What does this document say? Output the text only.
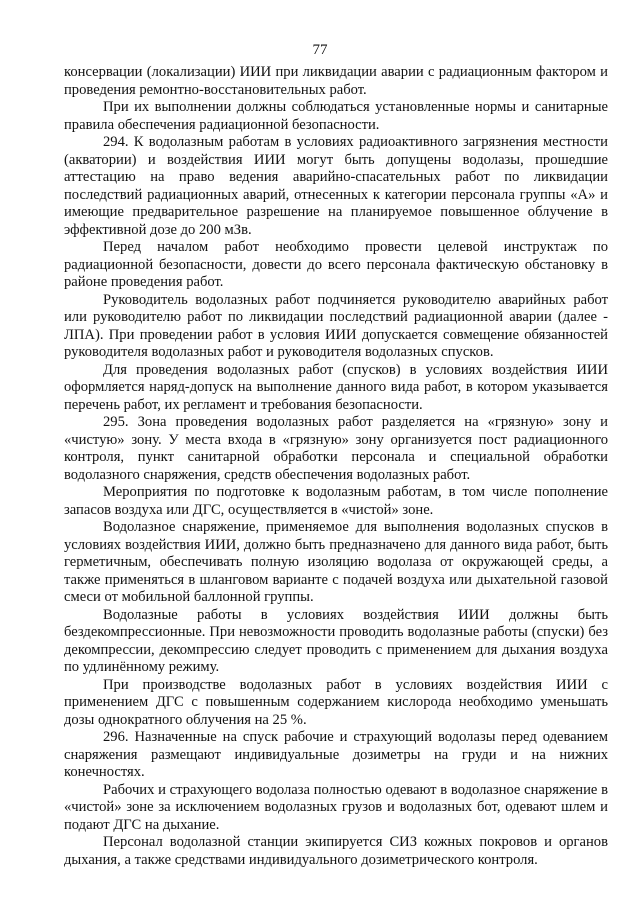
77

консервации (локализации) ИИИ при ликвидации аварии с радиационным фактором и проведения ремонтно-восстановительных работ.

При их выполнении должны соблюдаться установленные нормы и санитарные правила обеспечения радиационной безопасности.

294. К водолазным работам в условиях радиоактивного загрязнения местности (акватории) и воздействия ИИИ могут быть допущены водолазы, прошедшие аттестацию на право ведения аварийно-спасательных работ по ликвидации последствий радиационных аварий, отнесенных к категории персонала группы «А» и имеющие предварительное разрешение на планируемое повышенное облучение в эффективной дозе до 200 мЗв.

Перед началом работ необходимо провести целевой инструктаж по радиационной безопасности, довести до всего персонала фактическую обстановку в районе проведения работ.

Руководитель водолазных работ подчиняется руководителю аварийных работ или руководителю работ по ликвидации последствий радиационной аварии (далее - ЛПА). При проведении работ в условия ИИИ допускается совмещение обязанностей руководителя водолазных работ и руководителя водолазных спусков.

Для проведения водолазных работ (спусков) в условиях воздействия ИИИ оформляется наряд-допуск на выполнение данного вида работ, в котором указывается перечень работ, их регламент и требования безопасности.

295. Зона проведения водолазных работ разделяется на «грязную» зону и «чистую» зону. У места входа в «грязную» зону организуется пост радиационного контроля, пункт санитарной обработки персонала и специальной обработки водолазного снаряжения, средств обеспечения водолазных работ.

Мероприятия по подготовке к водолазным работам, в том числе пополнение запасов воздуха или ДГС, осуществляется в «чистой» зоне.

Водолазное снаряжение, применяемое для выполнения водолазных спусков в условиях воздействия ИИИ, должно быть предназначено для данного вида работ, быть герметичным, обеспечивать полную изоляцию водолаза от окружающей среды, а также применяться в шланговом варианте с подачей воздуха или дыхательной газовой смеси от мобильной баллонной группы.

Водолазные работы в условиях воздействия ИИИ должны быть бездекомпрессионные. При невозможности проводить водолазные работы (спуски) без декомпрессии, декомпрессию следует проводить с применением для дыхания воздуха по удлинённому режиму.

При производстве водолазных работ в условиях воздействия ИИИ с применением ДГС с повышенным содержанием кислорода необходимо уменьшать дозы однократного облучения на 25 %.

296. Назначенные на спуск рабочие и страхующий водолазы перед одеванием снаряжения размещают индивидуальные дозиметры на груди и на нижних конечностях.

Рабочих и страхующего водолаза полностью одевают в водолазное снаряжение в «чистой» зоне за исключением водолазных грузов и водолазных бот, одевают шлем и подают ДГС на дыхание.

Персонал водолазной станции экипируется СИЗ кожных покровов и органов дыхания, а также средствами индивидуального дозиметрического контроля.
